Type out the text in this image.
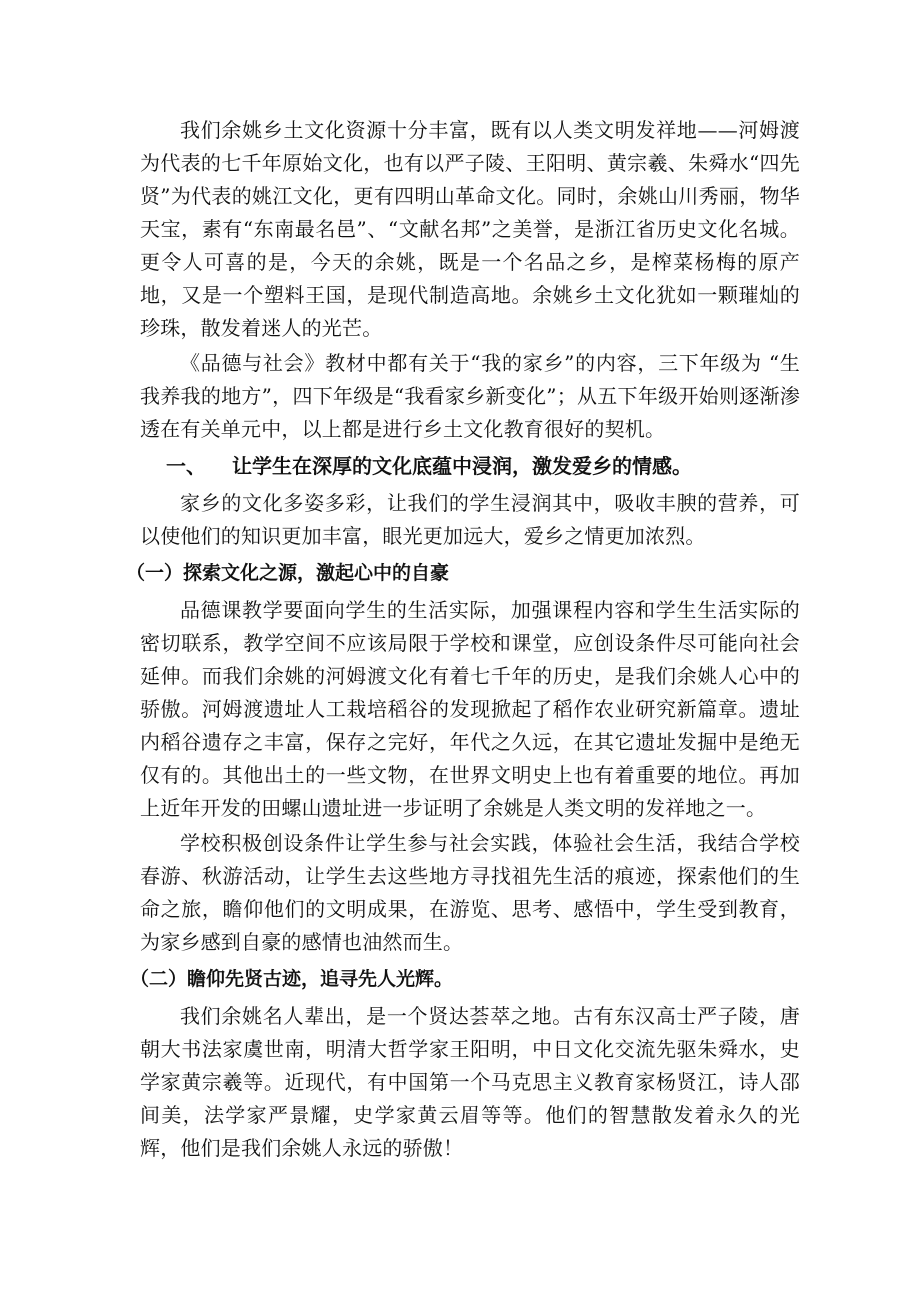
我们余姚乡土文化资源十分丰富，既有以人类文明发祥地——河姆渡为代表的七千年原始文化，也有以严子陵、王阳明、黄宗羲、朱舜水“四先贤”为代表的姚江文化，更有四明山革命文化。同时，余姚山川秀丽，物华天宝，素有“东南最名邑”、“文献名邦”之美誉，是浙江省历史文化名城。更令人可喜的是，今天的余姚，既是一个名品之乡，是榨菜杨梅的原产地，又是一个塑料王国，是现代制造高地。余姚乡土文化犹如一颗璀灿的珍珠，散发着迷人的光芒。

《品德与社会》教材中都有关于“我的家乡”的内容，三下年级为 “生我养我的地方”，四下年级是“我看家乡新变化”；从五下年级开始则逐渐渗透在有关单元中，以上都是进行乡土文化教育很好的契机。

一、 让学生在深厚的文化底蕴中浸润，激发爱乡的情感。

家乡的文化多姿多彩，让我们的学生浸润其中，吸收丰腴的营养，可以使他们的知识更加丰富，眼光更加远大，爱乡之情更加浓烈。

（一）探索文化之源，激起心中的自豪

品德课教学要面向学生的生活实际，加强课程内容和学生生活实际的密切联系，教学空间不应该局限于学校和课堂，应创设条件尽可能向社会延伸。而我们余姚的河姆渡文化有着七千年的历史，是我们余姚人心中的骄傲。河姆渡遗址人工栽培稻谷的发现掀起了稻作农业研究新篇章。遗址内稻谷遗存之丰富，保存之完好，年代之久远，在其它遗址发掘中是绝无仅有的。其他出土的一些文物，在世界文明史上也有着重要的地位。再加上近年开发的田螺山遗址进一步证明了余姚是人类文明的发祥地之一。

学校积极创设条件让学生参与社会实践，体验社会生活，我结合学校春游、秋游活动，让学生去这些地方寻找祖先生活的痕迹，探索他们的生命之旅，瞻仰他们的文明成果，在游览、思考、感悟中，学生受到教育，为家乡感到自豪的感情也油然而生。

（二）瞻仰先贤古迹，追寻先人光辉。

我们余姚名人辈出，是一个贤达荟萃之地。古有东汉高士严子陵，唐朝大书法家虞世南，明清大哲学家王阳明，中日文化交流先驱朱舜水，史学家黄宗羲等。近现代，有中国第一个马克思主义教育家杨贤江，诗人邵间美，法学家严景耀，史学家黄云眉等等。他们的智慧散发着永久的光辉，他们是我们余姚人永远的骄傲！
